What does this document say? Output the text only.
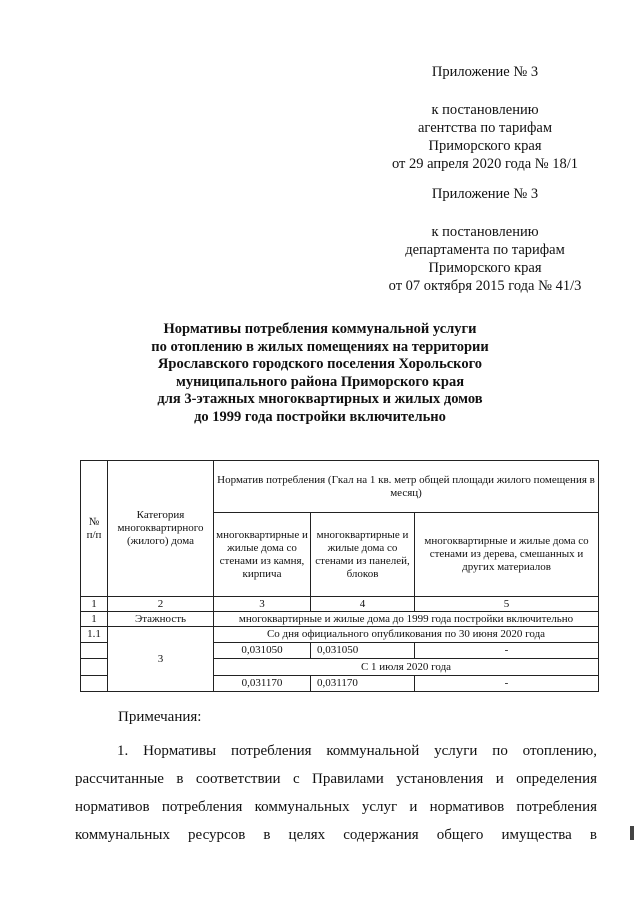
Приложение № 3
к постановлению
агентства по тарифам
Приморского края
от 29 апреля 2020 года № 18/1
Приложение № 3
к постановлению
департамента по тарифам
Приморского края
от 07 октября 2015 года № 41/3
Нормативы потребления коммунальной услуги
по отоплению в жилых помещениях на территории
Ярославского городского поселения Хорольского
муниципального района Приморского края
для 3-этажных многоквартирных и жилых домов
до 1999 года постройки включительно
№ п/п	Категория многоквартирного (жилого) дома	Норматив потребления (Гкал на 1 кв. метр общей площади жилого помещения в месяц)		
		многоквартирные и жилые дома со стенами из камня, кирпича	многоквартирные и жилые дома со стенами из панелей, блоков	многоквартирные и жилые дома со стенами из дерева, смешанных и других материалов
1	2	3	4	5
1	Этажность	многоквартирные и жилые дома до 1999 года постройки включительно		
1.1	3	Со дня официального опубликования по 30 июня 2020 года		
		0,031050	0,031050	-
		С 1 июля 2020 года		
		0,031170	0,031170	-
Примечания:
1. Нормативы потребления коммунальной услуги по отоплению,
рассчитанные в соответствии с Правилами установления и определения
нормативов потребления коммунальных услуг и нормативов потребления
коммунальных ресурсов в целях содержания общего имущества в
